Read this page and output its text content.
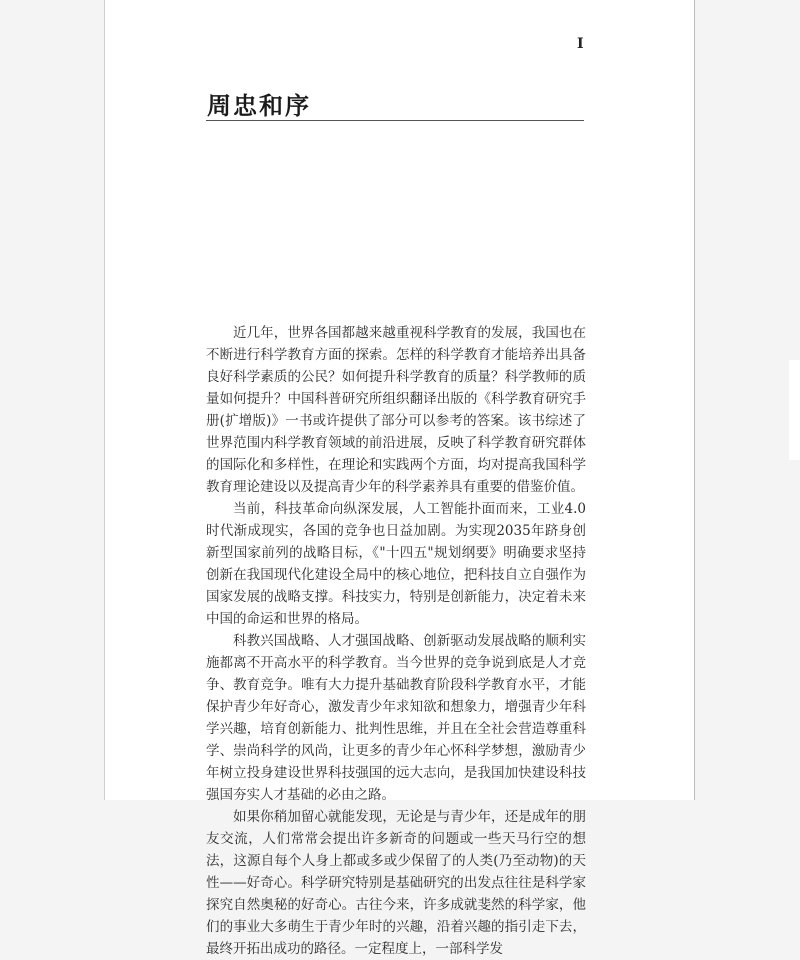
I
周忠和序

近几年，世界各国都越来越重视科学教育的发展，我国也在不断进行科学教育方面的探索。怎样的科学教育才能培养出具备良好科学素质的公民？如何提升科学教育的质量？科学教师的质量如何提升？中国科普研究所组织翻译出版的《科学教育研究手册(扩增版)》一书或许提供了部分可以参考的答案。该书综述了世界范围内科学教育领域的前沿进展，反映了科学教育研究群体的国际化和多样性，在理论和实践两个方面，均对提高我国科学教育理论建设以及提高青少年的科学素养具有重要的借鉴价值。

当前，科技革命向纵深发展，人工智能扑面而来，工业4.0时代渐成现实，各国的竞争也日益加剧。为实现2035年跻身创新型国家前列的战略目标，《"十四五"规划纲要》明确要求坚持创新在我国现代化建设全局中的核心地位，把科技自立自强作为国家发展的战略支撑。科技实力，特别是创新能力，决定着未来中国的命运和世界的格局。

科教兴国战略、人才强国战略、创新驱动发展战略的顺利实施都离不开高水平的科学教育。当今世界的竞争说到底是人才竞争、教育竞争。唯有大力提升基础教育阶段科学教育水平，才能保护青少年好奇心，激发青少年求知欲和想象力，增强青少年科学兴趣，培育创新能力、批判性思维，并且在全社会营造尊重科学、崇尚科学的风尚，让更多的青少年心怀科学梦想，激励青少年树立投身建设世界科技强国的远大志向，是我国加快建设科技强国夯实人才基础的必由之路。

如果你稍加留心就能发现，无论是与青少年，还是成年的朋友交流，人们常常会提出许多新奇的问题或一些天马行空的想法，这源自每个人身上都或多或少保留了的人类(乃至动物)的天性——好奇心。科学研究特别是基础研究的出发点往往是科学家探究自然奥秘的好奇心。古往今来，许多成就斐然的科学家，他们的事业大多萌生于青少年时的兴趣，沿着兴趣的指引走下去，最终开拓出成功的路径。一定程度上，一部科学发
